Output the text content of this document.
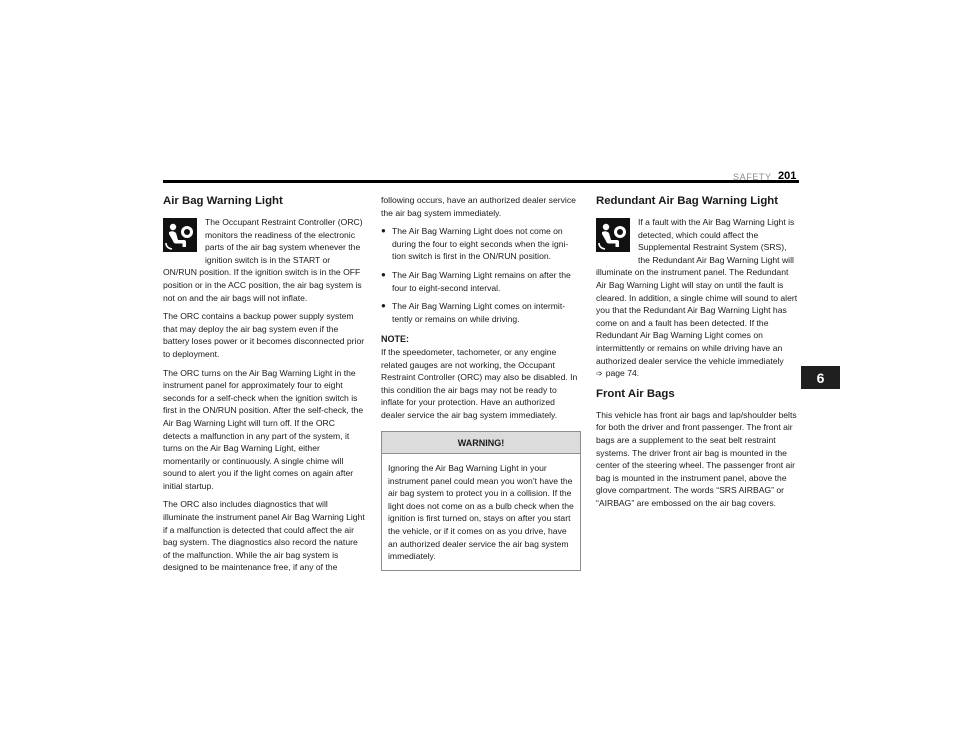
SAFETY 201
6
Air Bag Warning Light

The Occupant Restraint Controller (ORC) monitors the readiness of the electronic parts of the air bag system whenever the ignition switch is in the START or ON/RUN position. If the ignition switch is in the OFF position or in the ACC position, the air bag system is not on and the air bags will not inflate.

The ORC contains a backup power supply system that may deploy the air bag system even if the battery loses power or it becomes disconnected prior to deployment.

The ORC turns on the Air Bag Warning Light in the instrument panel for approximately four to eight seconds for a self-check when the ignition switch is first in the ON/RUN position. After the self-check, the Air Bag Warning Light will turn off. If the ORC detects a malfunction in any part of the system, it turns on the Air Bag Warning Light, either momentarily or continuously. A single chime will sound to alert you if the light comes on again after initial startup.

The ORC also includes diagnostics that will illuminate the instrument panel Air Bag Warning Light if a malfunction is detected that could affect the air bag system. The diagnostics also record the nature of the malfunction. While the air bag system is designed to be maintenance free, if any of the

following occurs, have an authorized dealer service the air bag system immediately.

● The Air Bag Warning Light does not come on during the four to eight seconds when the igni-tion switch is first in the ON/RUN position.
● The Air Bag Warning Light remains on after the four to eight-second interval.
● The Air Bag Warning Light comes on intermit-tently or remains on while driving.
NOTE:

If the speedometer, tachometer, or any engine related gauges are not working, the Occupant Restraint Controller (ORC) may also be disabled. In this condition the air bags may not be ready to inflate for your protection. Have an authorized dealer service the air bag system immediately.

WARNING!
Ignoring the Air Bag Warning Light in your instrument panel could mean you won’t have the air bag system to protect you in a collision. If the light does not come on as a bulb check when the ignition is first turned on, stays on after you start the vehicle, or if it comes on as you drive, have an authorized dealer service the air bag system immediately.
Redundant Air Bag Warning Light

If a fault with the Air Bag Warning Light is detected, which could affect the Supplemental Restraint System (SRS), the Redundant Air Bag Warning Light will illuminate on the instrument panel. The Redundant Air Bag Warning Light will stay on until the fault is cleared. In addition, a single chime will sound to alert you that the Redundant Air Bag Warning Light has come on and a fault has been detected. If the Redundant Air Bag Warning Light comes on intermittently or remains on while driving have an authorized dealer service the vehicle immediately
➩ page 74.

Front Air Bags

This vehicle has front air bags and lap/shoulder belts for both the driver and front passenger. The front air bags are a supplement to the seat belt restraint systems. The driver front air bag is mounted in the center of the steering wheel. The passenger front air bag is mounted in the instrument panel, above the glove compartment. The words “SRS AIRBAG” or “AIRBAG” are embossed on the air bag covers.
